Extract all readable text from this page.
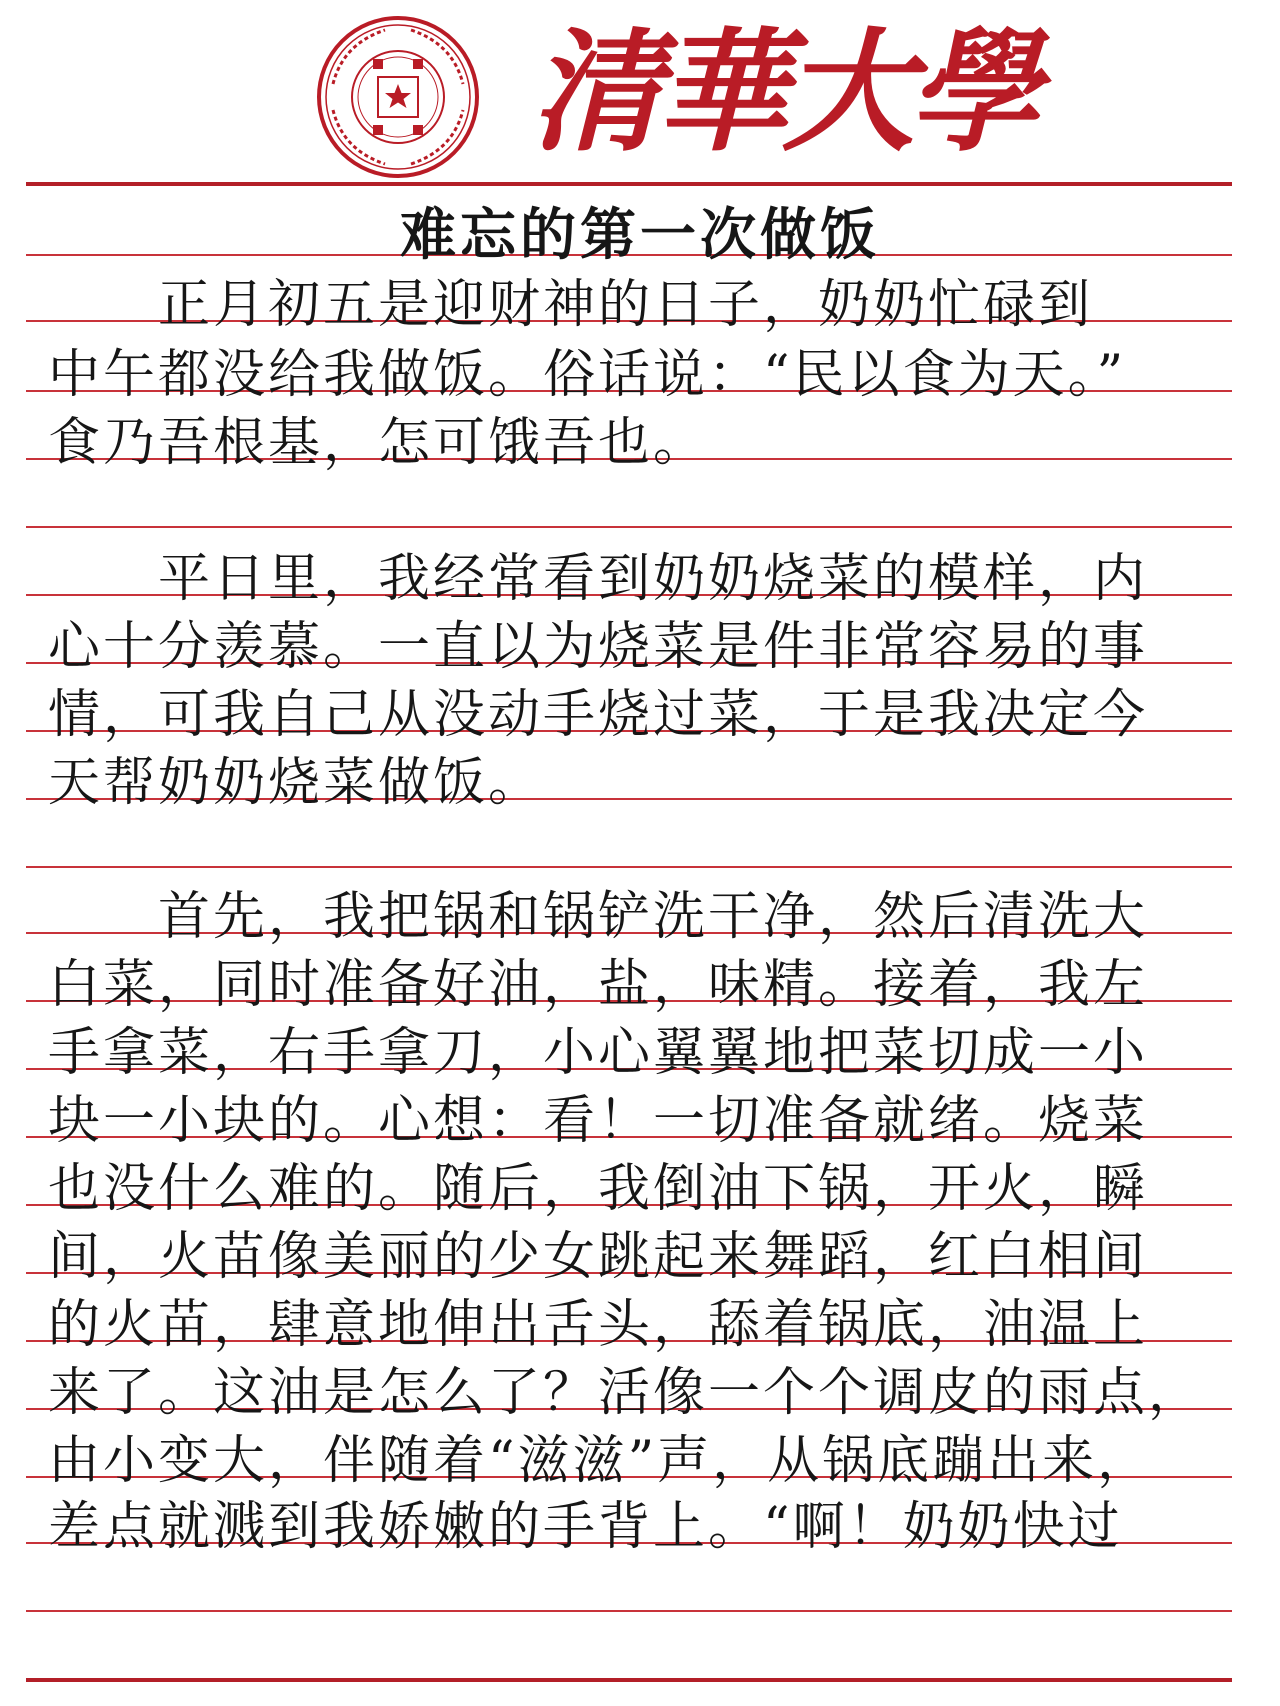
清華大學
难忘的第一次做饭
　　正月初五是迎财神的日子，奶奶忙碌到
中午都没给我做饭。俗话说：“民以食为天。”
食乃吾根基，怎可饿吾也。
　　平日里，我经常看到奶奶烧菜的模样，内
心十分羡慕。一直以为烧菜是件非常容易的事
情，可我自己从没动手烧过菜，于是我决定今
天帮奶奶烧菜做饭。
　　首先，我把锅和锅铲洗干净，然后清洗大
白菜，同时准备好油，盐，味精。接着，我左
手拿菜，右手拿刀，小心翼翼地把菜切成一小
块一小块的。心想：看！一切准备就绪。烧菜
也没什么难的。随后，我倒油下锅，开火，瞬
间，火苗像美丽的少女跳起来舞蹈，红白相间
的火苗，肆意地伸出舌头，舔着锅底，油温上
来了。这油是怎么了？活像一个个调皮的雨点，
由小变大，伴随着“滋滋”声，从锅底蹦出来，
差点就溅到我娇嫩的手背上。“啊！奶奶快过
